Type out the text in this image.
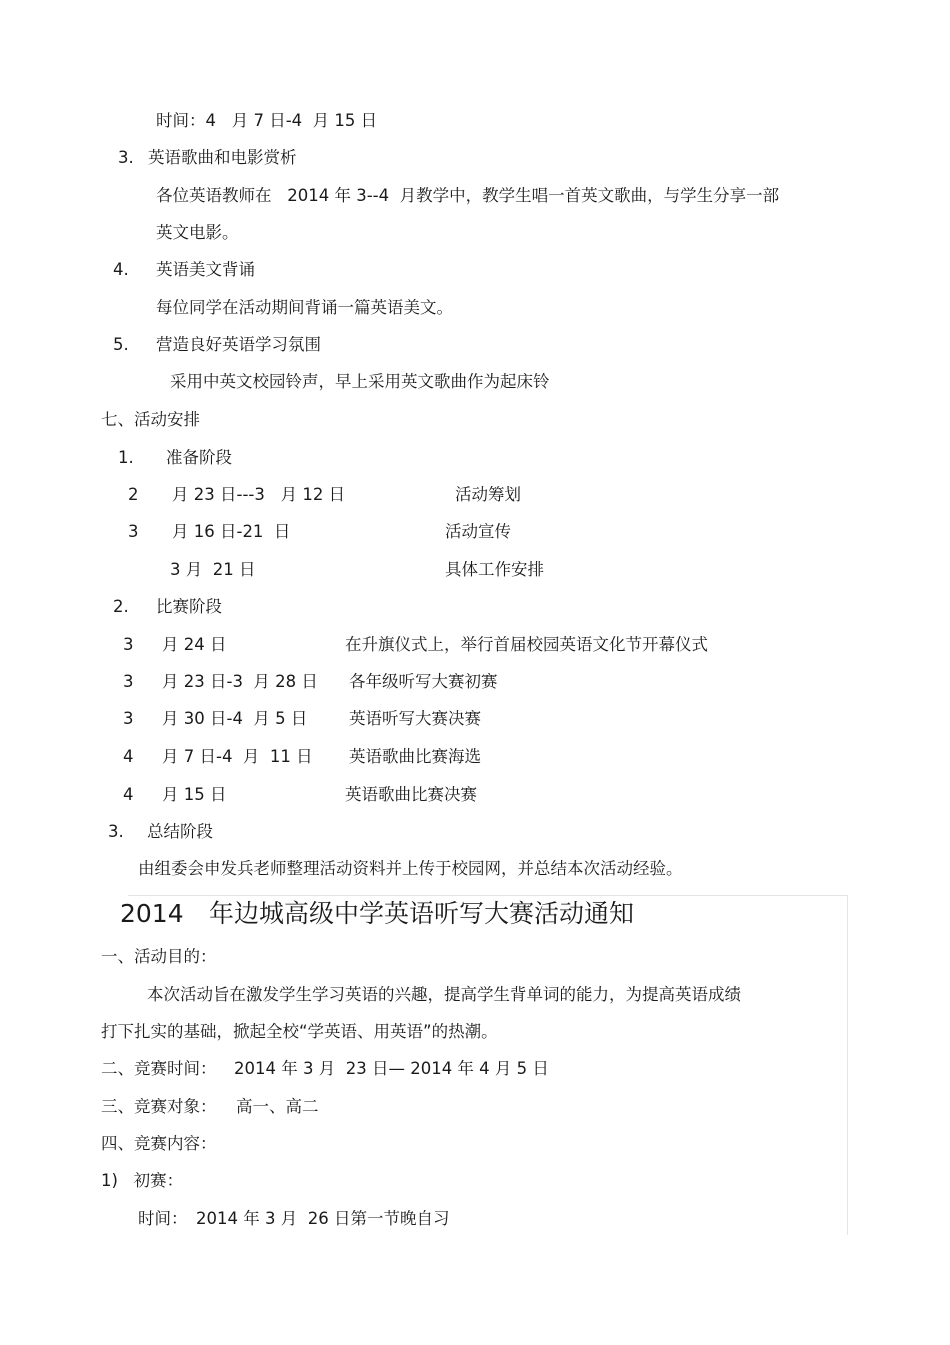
时间：4   月 7 日-4  月 15 日
3. 英语歌曲和电影赏析
各位英语教师在   2014 年 3--4  月教学中，教学生唱一首英文歌曲，与学生分享一部
英文电影。
4. 英语美文背诵
每位同学在活动期间背诵一篇英语美文。
5. 营造良好英语学习氛围
采用中英文校园铃声，早上采用英文歌曲作为起床铃
七、活动安排
1. 准备阶段
2 月 23 日---3   月 12 日	活动筹划
3 月 16 日-21  日	活动宣传
3 月  21 日	具体工作安排
2. 比赛阶段
3 月 24 日	在升旗仪式上，举行首届校园英语文化节开幕仪式
3 月 23 日-3  月 28 日 各年级听写大赛初赛
3 月 30 日-4  月 5 日	英语听写大赛决赛
4 月 7 日-4  月  11 日 英语歌曲比赛海选
4 月 15 日	英语歌曲比赛决赛
3. 总结阶段
由组委会申发兵老师整理活动资料并上传于校园网，并总结本次活动经验。
2014 年边城高级中学英语听写大赛活动通知
一、活动目的：
本次活动旨在激发学生学习英语的兴趣，提高学生背单词的能力，为提高英语成绩
打下扎实的基础，掀起全校“学英语、用英语”的热潮。
二、竞赛时间： 2014 年 3 月  23 日— 2014 年 4 月 5 日
三、竞赛对象： 高一、高二
四、竞赛内容：
1)   初赛：
时间： 2014 年 3 月  26 日第一节晚自习
